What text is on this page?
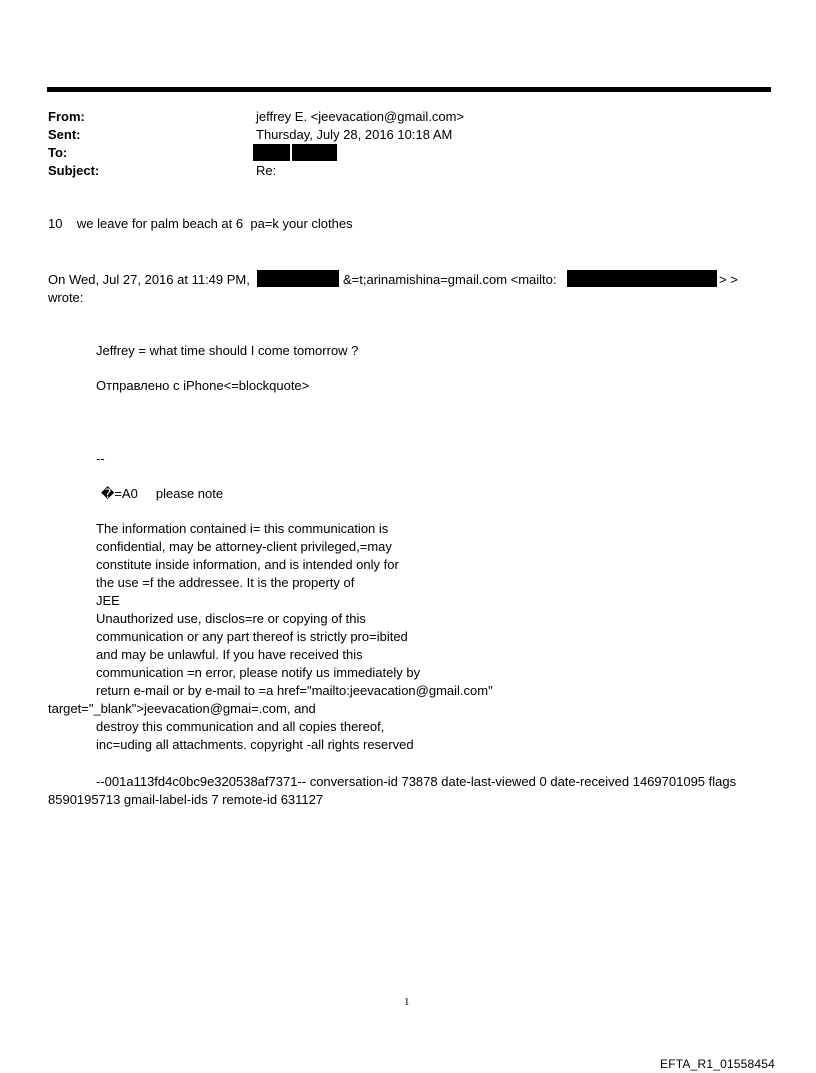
From:	jeffrey E. <jeevacation@gmail.com>
Sent:	Thursday, July 28, 2016 10:18 AM
To:
Subject:	Re:
10    we leave for palm beach at 6  pa=k your clothes
On Wed, Jul 27, 2016 at 11:49 PM,	&=t;arinamishina=gmail.com <mailto:	> >
wrote:
Jeffrey = what time should I come tomorrow ?
Отправлено с iPhone<=blockquote>
--
�=A0     please note
The information contained i= this communication is
confidential, may be attorney-client privileged,=may
constitute inside information, and is intended only for
the use =f the addressee. It is the property of
JEE
Unauthorized use, disclos=re or copying of this
communication or any part thereof is strictly pro=ibited
and may be unlawful. If you have received this
communication =n error, please notify us immediately by
return e-mail or by e-mail to =a href="mailto:jeevacation@gmail.com"
target="_blank">jeevacation@gmai=.com, and
destroy this communication and all copies thereof,
inc=uding all attachments. copyright -all rights reserved
--001a113fd4c0bc9e320538af7371-- conversation-id 73878 date-last-viewed 0 date-received 1469701095 flags
8590195713 gmail-label-ids 7 remote-id 631127
1
EFTA_R1_01558454
